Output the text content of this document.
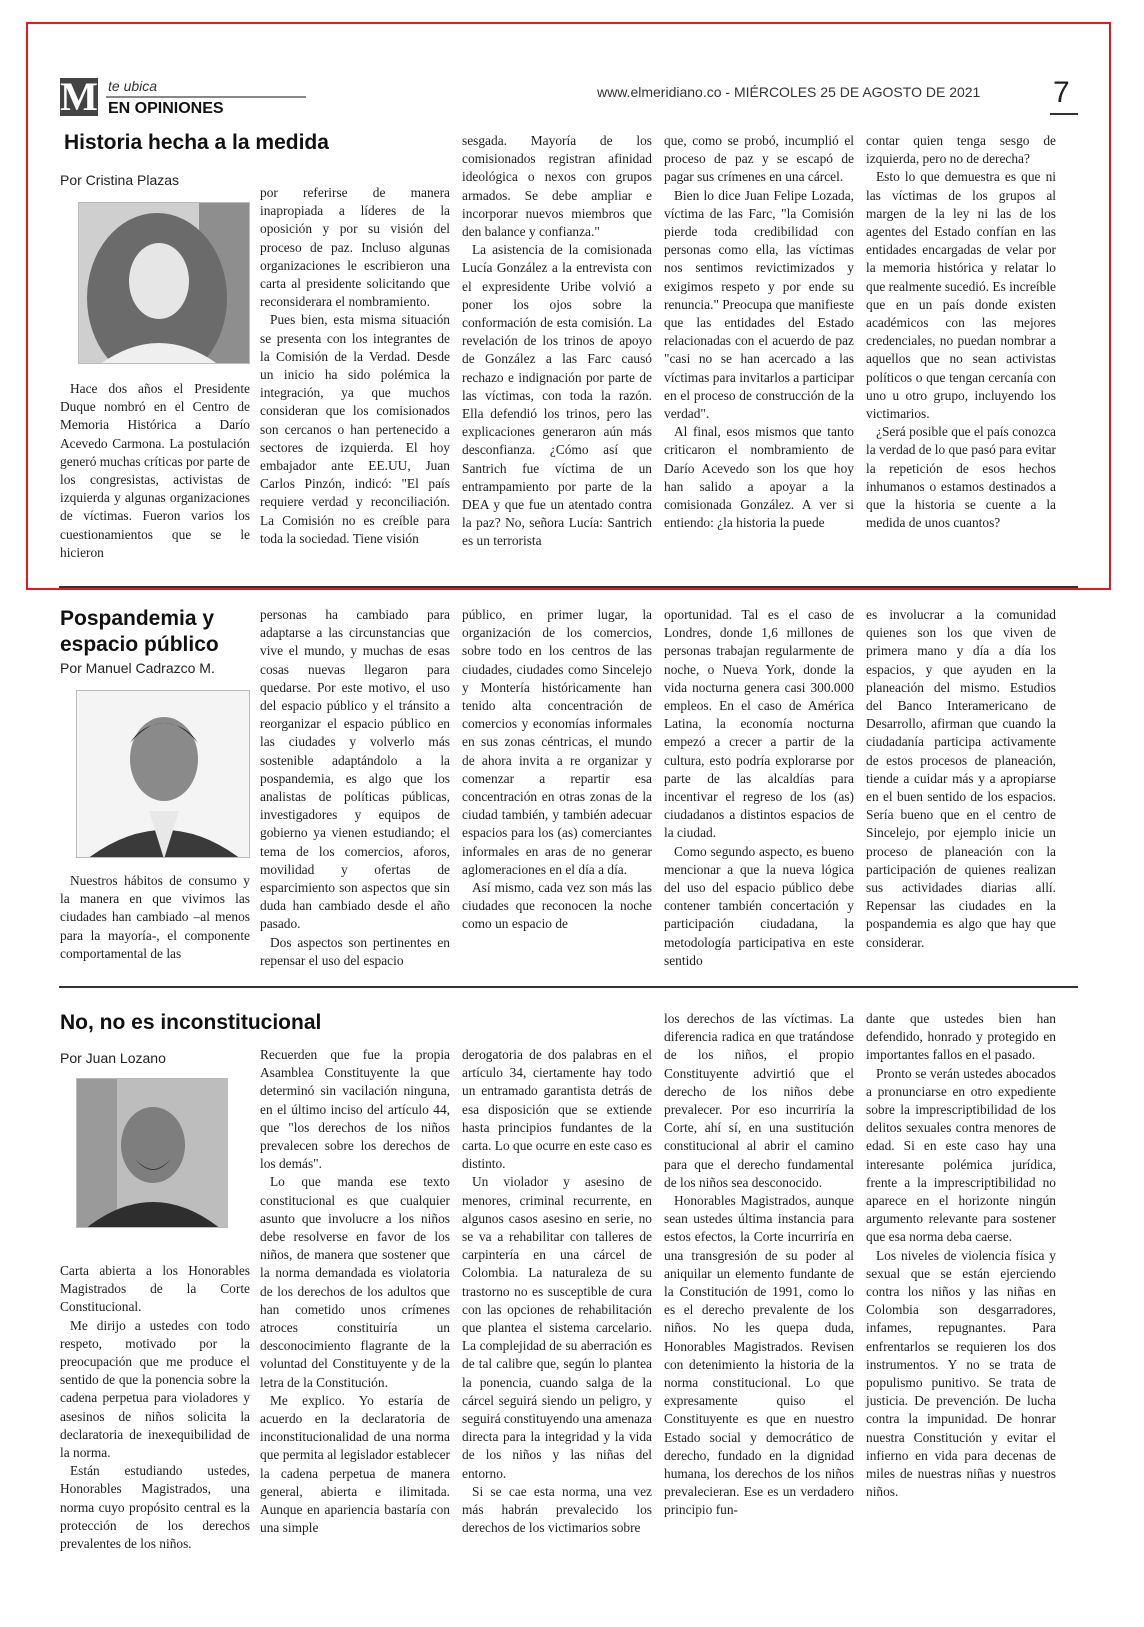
M te ubica
EN OPINIONES
www.elmeridiano.co - MIÉRCOLES 25 DE AGOSTO DE 2021 7
Historia hecha a la medida
Por Cristina Plazas

Hace dos años el Presidente Duque nombró en el Centro de Memoria Histórica a Darío Acevedo Carmona. La postulación generó muchas críticas por parte de los congresistas, activistas de izquierda y algunas organizaciones de víctimas. Fueron varios los cuestionamientos que se le hicieron

por referirse de manera inapropiada a líderes de la oposición y por su visión del proceso de paz. Incluso algunas organizaciones le escribieron una carta al presidente solicitando que reconsiderara el nombramiento.

Pues bien, esta misma situación se presenta con los integrantes de la Comisión de la Verdad. Desde un inicio ha sido polémica la integración, ya que muchos consideran que los comisionados son cercanos o han pertenecido a sectores de izquierda. El hoy embajador ante EE.UU, Juan Carlos Pinzón, indicó: "El país requiere verdad y reconciliación. La Comisión no es creíble para toda la sociedad. Tiene visión

sesgada. Mayoría de los comisionados registran afinidad ideológica o nexos con grupos armados. Se debe ampliar e incorporar nuevos miembros que den balance y confianza."

La asistencia de la comisionada Lucía González a la entrevista con el expresidente Uribe volvió a poner los ojos sobre la conformación de esta comisión. La revelación de los trinos de apoyo de González a las Farc causó rechazo e indignación por parte de las víctimas, con toda la razón. Ella defendió los trinos, pero las explicaciones generaron aún más desconfianza. ¿Cómo así que Santrich fue víctima de un entrampamiento por parte de la DEA y que fue un atentado contra la paz? No, señora Lucía: Santrich es un terrorista

que, como se probó, incumplió el proceso de paz y se escapó de pagar sus crímenes en una cárcel.

Bien lo dice Juan Felipe Lozada, víctima de las Farc, "la Comisión pierde toda credibilidad con personas como ella, las víctimas nos sentimos revictimizados y exigimos respeto y por ende su renuncia." Preocupa que manifieste que las entidades del Estado relacionadas con el acuerdo de paz "casi no se han acercado a las víctimas para invitarlos a participar en el proceso de construcción de la verdad".

Al final, esos mismos que tanto criticaron el nombramiento de Darío Acevedo son los que hoy han salido a apoyar a la comisionada González. A ver si entiendo: ¿la historia la puede

contar quien tenga sesgo de izquierda, pero no de derecha?

Esto lo que demuestra es que ni las víctimas de los grupos al margen de la ley ni las de los agentes del Estado confían en las entidades encargadas de velar por la memoria histórica y relatar lo que realmente sucedió. Es increíble que en un país donde existen académicos con las mejores credenciales, no puedan nombrar a aquellos que no sean activistas políticos o que tengan cercanía con uno u otro grupo, incluyendo los victimarios.

¿Será posible que el país conozca la verdad de lo que pasó para evitar la repetición de esos hechos inhumanos o estamos destinados a que la historia se cuente a la medida de unos cuantos?

Pospandemia y espacio público
Por Manuel Cadrazco M.

Nuestros hábitos de consumo y la manera en que vivimos las ciudades han cambiado –al menos para la mayoría-, el componente comportamental de las

personas ha cambiado para adaptarse a las circunstancias que vive el mundo, y muchas de esas cosas nuevas llegaron para quedarse. Por este motivo, el uso del espacio público y el tránsito a reorganizar el espacio público en las ciudades y volverlo más sostenible adaptándolo a la pospandemia, es algo que los analistas de políticas públicas, investigadores y equipos de gobierno ya vienen estudiando; el tema de los comercios, aforos, movilidad y ofertas de esparcimiento son aspectos que sin duda han cambiado desde el año pasado.

Dos aspectos son pertinentes en repensar el uso del espacio

público, en primer lugar, la organización de los comercios, sobre todo en los centros de las ciudades, ciudades como Sincelejo y Montería históricamente han tenido alta concentración de comercios y economías informales en sus zonas céntricas, el mundo de ahora invita a re organizar y comenzar a repartir esa concentración en otras zonas de la ciudad también, y también adecuar espacios para los (as) comerciantes informales en aras de no generar aglomeraciones en el día a día.

Así mismo, cada vez son más las ciudades que reconocen la noche como un espacio de

oportunidad. Tal es el caso de Londres, donde 1,6 millones de personas trabajan regularmente de noche, o Nueva York, donde la vida nocturna genera casi 300.000 empleos. En el caso de América Latina, la economía nocturna empezó a crecer a partir de la cultura, esto podría explorarse por parte de las alcaldías para incentivar el regreso de los (as) ciudadanos a distintos espacios de la ciudad.

Como segundo aspecto, es bueno mencionar a que la nueva lógica del uso del espacio público debe contener también concertación y participación ciudadana, la metodología participativa en este sentido

es involucrar a la comunidad quienes son los que viven de primera mano y día a día los espacios, y que ayuden en la planeación del mismo. Estudios del Banco Interamericano de Desarrollo, afirman que cuando la ciudadanía participa activamente de estos procesos de planeación, tiende a cuidar más y a apropiarse en el buen sentido de los espacios. Sería bueno que en el centro de Sincelejo, por ejemplo inicie un proceso de planeación con la participación de quienes realizan sus actividades diarias allí. Repensar las ciudades en la pospandemia es algo que hay que considerar.

No, no es inconstitucional
Por Juan Lozano

Carta abierta a los Honorables Magistrados de la Corte Constitucional.

Me dirijo a ustedes con todo respeto, motivado por la preocupación que me produce el sentido de que la ponencia sobre la cadena perpetua para violadores y asesinos de niños solicita la declaratoria de inexequibilidad de la norma.

Están estudiando ustedes, Honorables Magistrados, una norma cuyo propósito central es la protección de los derechos prevalentes de los niños.

Recuerden que fue la propia Asamblea Constituyente la que determinó sin vacilación ninguna, en el último inciso del artículo 44, que "los derechos de los niños prevalecen sobre los derechos de los demás".

Lo que manda ese texto constitucional es que cualquier asunto que involucre a los niños debe resolverse en favor de los niños, de manera que sostener que la norma demandada es violatoria de los derechos de los adultos que han cometido unos crímenes atroces constituiría un desconocimiento flagrante de la voluntad del Constituyente y de la letra de la Constitución.

Me explico. Yo estaría de acuerdo en la declaratoria de inconstitucionalidad de una norma que permita al legislador establecer la cadena perpetua de manera general, abierta e ilimitada. Aunque en apariencia bastaría con una simple

derogatoria de dos palabras en el artículo 34, ciertamente hay todo un entramado garantista detrás de esa disposición que se extiende hasta principios fundantes de la carta. Lo que ocurre en este caso es distinto.

Un violador y asesino de menores, criminal recurrente, en algunos casos asesino en serie, no se va a rehabilitar con talleres de carpintería en una cárcel de Colombia. La naturaleza de su trastorno no es susceptible de cura con las opciones de rehabilitación que plantea el sistema carcelario. La complejidad de su aberración es de tal calibre que, según lo plantea la ponencia, cuando salga de la cárcel seguirá siendo un peligro, y seguirá constituyendo una amenaza directa para la integridad y la vida de los niños y las niñas del entorno.

Si se cae esta norma, una vez más habrán prevalecido los derechos de los victimarios sobre

los derechos de las víctimas. La diferencia radica en que tratándose de los niños, el propio Constituyente advirtió que el derecho de los niños debe prevalecer. Por eso incurriría la Corte, ahí sí, en una sustitución constitucional al abrir el camino para que el derecho fundamental de los niños sea desconocido.

Honorables Magistrados, aunque sean ustedes última instancia para estos efectos, la Corte incurriría en una transgresión de su poder al aniquilar un elemento fundante de la Constitución de 1991, como lo es el derecho prevalente de los niños. No les quepa duda, Honorables Magistrados. Revisen con detenimiento la historia de la norma constitucional. Lo que expresamente quiso el Constituyente es que en nuestro Estado social y democrático de derecho, fundado en la dignidad humana, los derechos de los niños prevalecieran. Ese es un verdadero principio fun-

dante que ustedes bien han defendido, honrado y protegido en importantes fallos en el pasado.

Pronto se verán ustedes abocados a pronunciarse en otro expediente sobre la imprescriptibilidad de los delitos sexuales contra menores de edad. Si en este caso hay una interesante polémica jurídica, frente a la imprescriptibilidad no aparece en el horizonte ningún argumento relevante para sostener que esa norma deba caerse.

Los niveles de violencia física y sexual que se están ejerciendo contra los niños y las niñas en Colombia son desgarradores, infames, repugnantes. Para enfrentarlos se requieren los dos instrumentos. Y no se trata de populismo punitivo. Se trata de justicia. De prevención. De lucha contra la impunidad. De honrar nuestra Constitución y evitar el infierno en vida para decenas de miles de nuestras niñas y nuestros niños.
